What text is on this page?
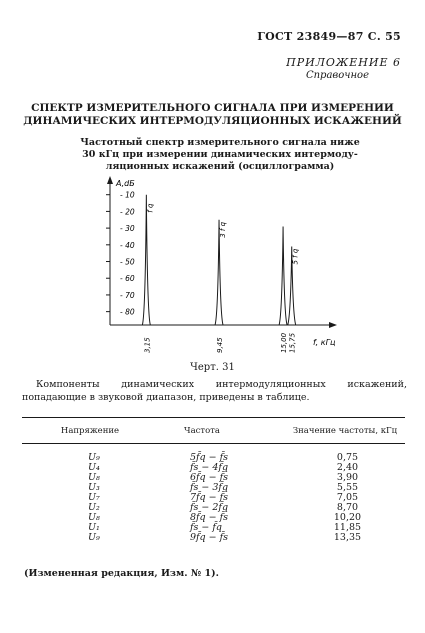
ГОСТ 23849—87 С. 55
ПРИЛОЖЕНИЕ 6
Справочное
СПЕКТР ИЗМЕРИТЕЛЬНОГО СИГНАЛА ПРИ ИЗМЕРЕНИИ
ДИНАМИЧЕСКИХ ИНТЕРМОДУЛЯЦИОННЫХ ИСКАЖЕНИЙ
Частотный спектр измерительного сигнала ниже
30 кГц при измерении динамических интермоду-
ляционных искажений (осциллограмма)
A,dБ
f, кГц
- 10
- 20
- 30
- 40
- 50
- 60
- 70
- 80
f q
3,15
3 f q
9,45	15,00
5 f q
15,75
Черт. 31
Компоненты динамических интермодуляционных искажений, попадающие в звуковой диапазон, приведены в таблице.
Напряжение	Частота	Значение частоты, кГц
U₉	5f̄q − f̄s	0,75
U₄	f̄s − 4f̄q	2,40
U₈	6f̄q − f̄s	3,90
U₃	f̄s − 3f̄q	5,55
U₇	7f̄q − f̄s	7,05
U₂	f̄s − 2f̄q	8,70
U₈	8f̄q − f̄s	10,20
U₁	f̄s − f̄q	11,85
U₉	9f̄q − f̄s	13,35
(Измененная редакция, Изм. № 1).
